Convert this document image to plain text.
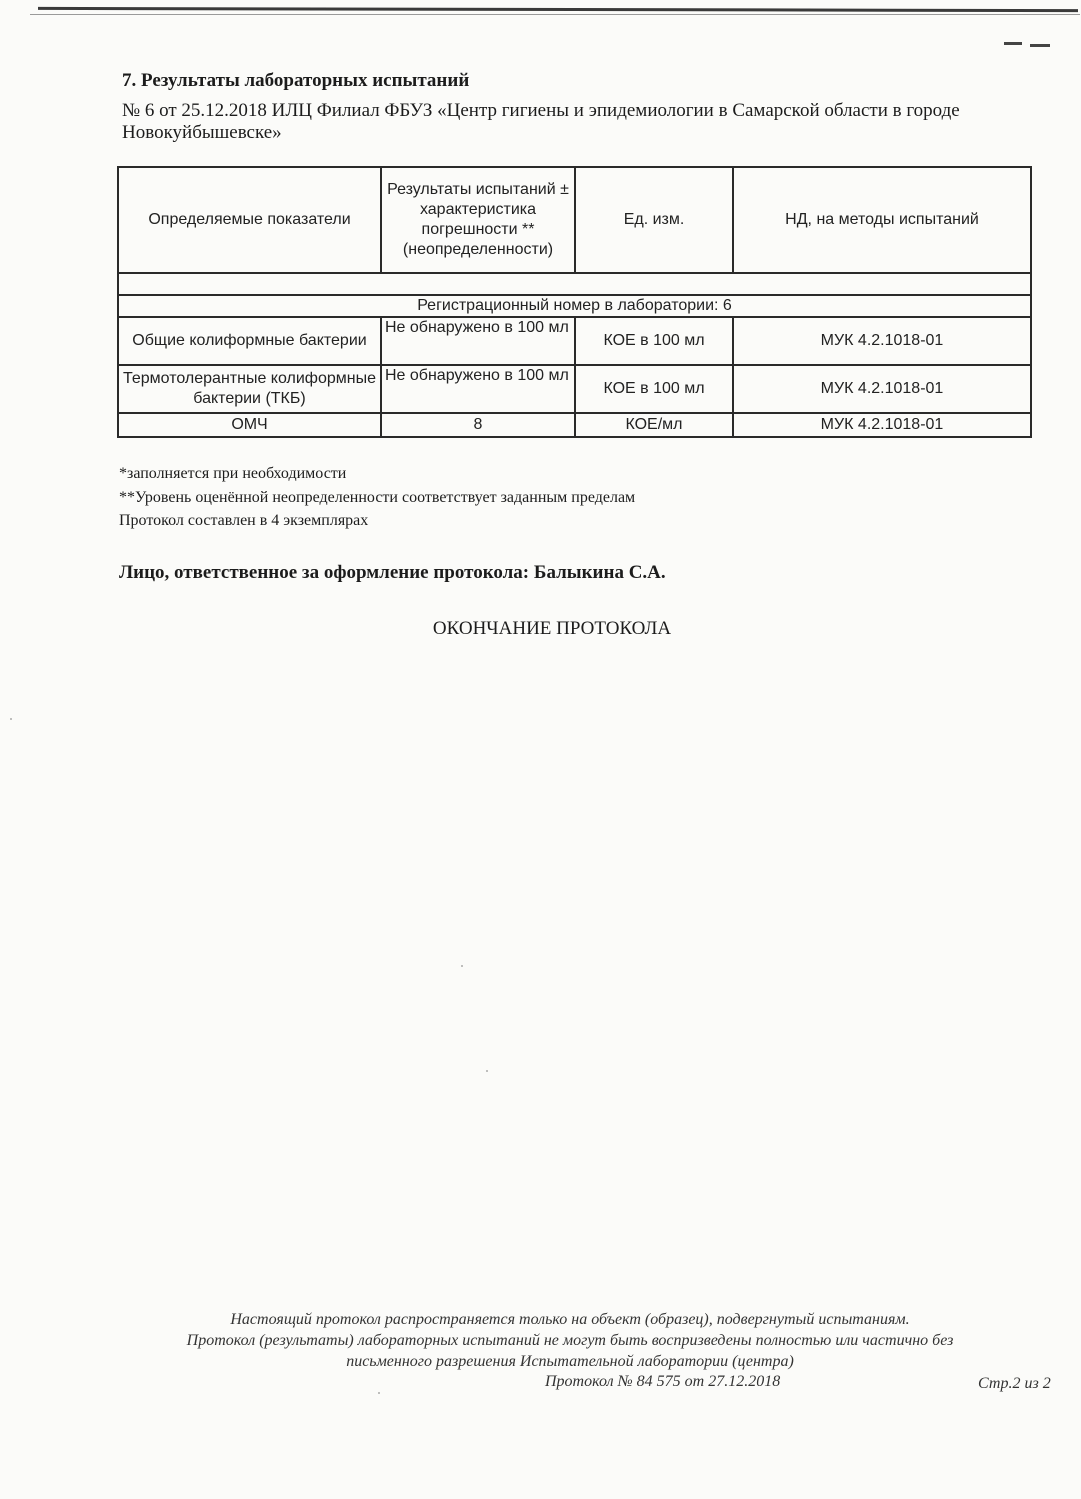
7. Результаты лабораторных испытаний

№ 6 от 25.12.2018 ИЛЦ Филиал ФБУЗ «Центр гигиены и эпидемиологии в Самарской области в городе Новокуйбышевске»

Определяемые показатели	Результаты испытаний ± характеристика погрешности **(неопределенности)	Ед. изм.	НД, на методы испытаний

Регистрационный номер в лаборатории: 6			
Общие колиформные бактерии	Не обнаружено в 100 мл	КОЕ в 100 мл	МУК 4.2.1018-01
Термотолерантные колиформные бактерии (ТКБ)	Не обнаружено в 100 мл	КОЕ в 100 мл	МУК 4.2.1018-01
ОМЧ	8	КОЕ/мл	МУК 4.2.1018-01

*заполняется при необходимости

**Уровень оценённой неопределенности соответствует заданным пределам

Протокол составлен в 4 экземплярах

Лицо, ответственное за оформление протокола: Балыкина С.А.

ОКОНЧАНИЕ ПРОТОКОЛА

Настоящий протокол распространяется только на объект (образец), подвергнутый испытаниям.

Протокол (результаты) лабораторных испытаний не могут быть воспризведены полностью или частично без

письменного разрешения Испытательной лаборатории (центра)

Протокол № 84 575 от 27.12.2018	Стр.2 из 2
